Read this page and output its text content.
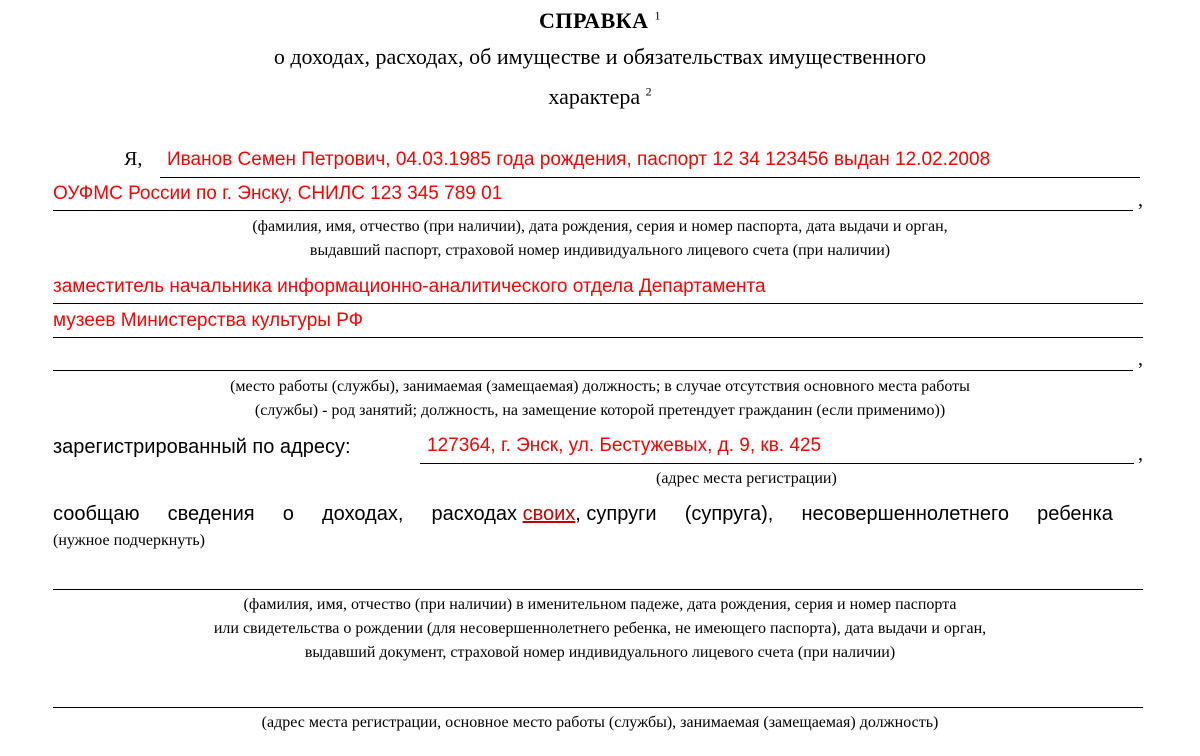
СПРАВКА $^1$
о доходах, расходах, об имуществе и обязательствах имущественного
характера $^2$
Я, Иванов Семен Петрович, 04.03.1985 года рождения, паспорт 12 34 123456 выдан 12.02.2008
ОУФМС России по г. Энску, СНИЛС 123 345 789 01	,
(фамилия, имя, отчество (при наличии), дата рождения, серия и номер паспорта, дата выдачи и орган,
выдавший паспорт, страховой номер индивидуального лицевого счета (при наличии)
заместитель начальника информационно-аналитического отдела Департамента
музеев Министерства культуры РФ
,
(место работы (службы), занимаемая (замещаемая) должность; в случае отсутствия основного места работы
(службы) - род занятий; должность, на замещение которой претендует гражданин (если применимо))
зарегистрированный по адресу:	127364, г. Энск, ул. Бестужевых, д. 9, кв. 425	,
(адрес места регистрации)
сообщаю сведения о доходах, расходах своих, супруги (супруга), несовершеннолетнего ребенка
(нужное подчеркнуть)
(фамилия, имя, отчество (при наличии) в именительном падеже, дата рождения, серия и номер паспорта
или свидетельства о рождении (для несовершеннолетнего ребенка, не имеющего паспорта), дата выдачи и орган,
выдавший документ, страховой номер индивидуального лицевого счета (при наличии)
(адрес места регистрации, основное место работы (службы), занимаемая (замещаемая) должность)
